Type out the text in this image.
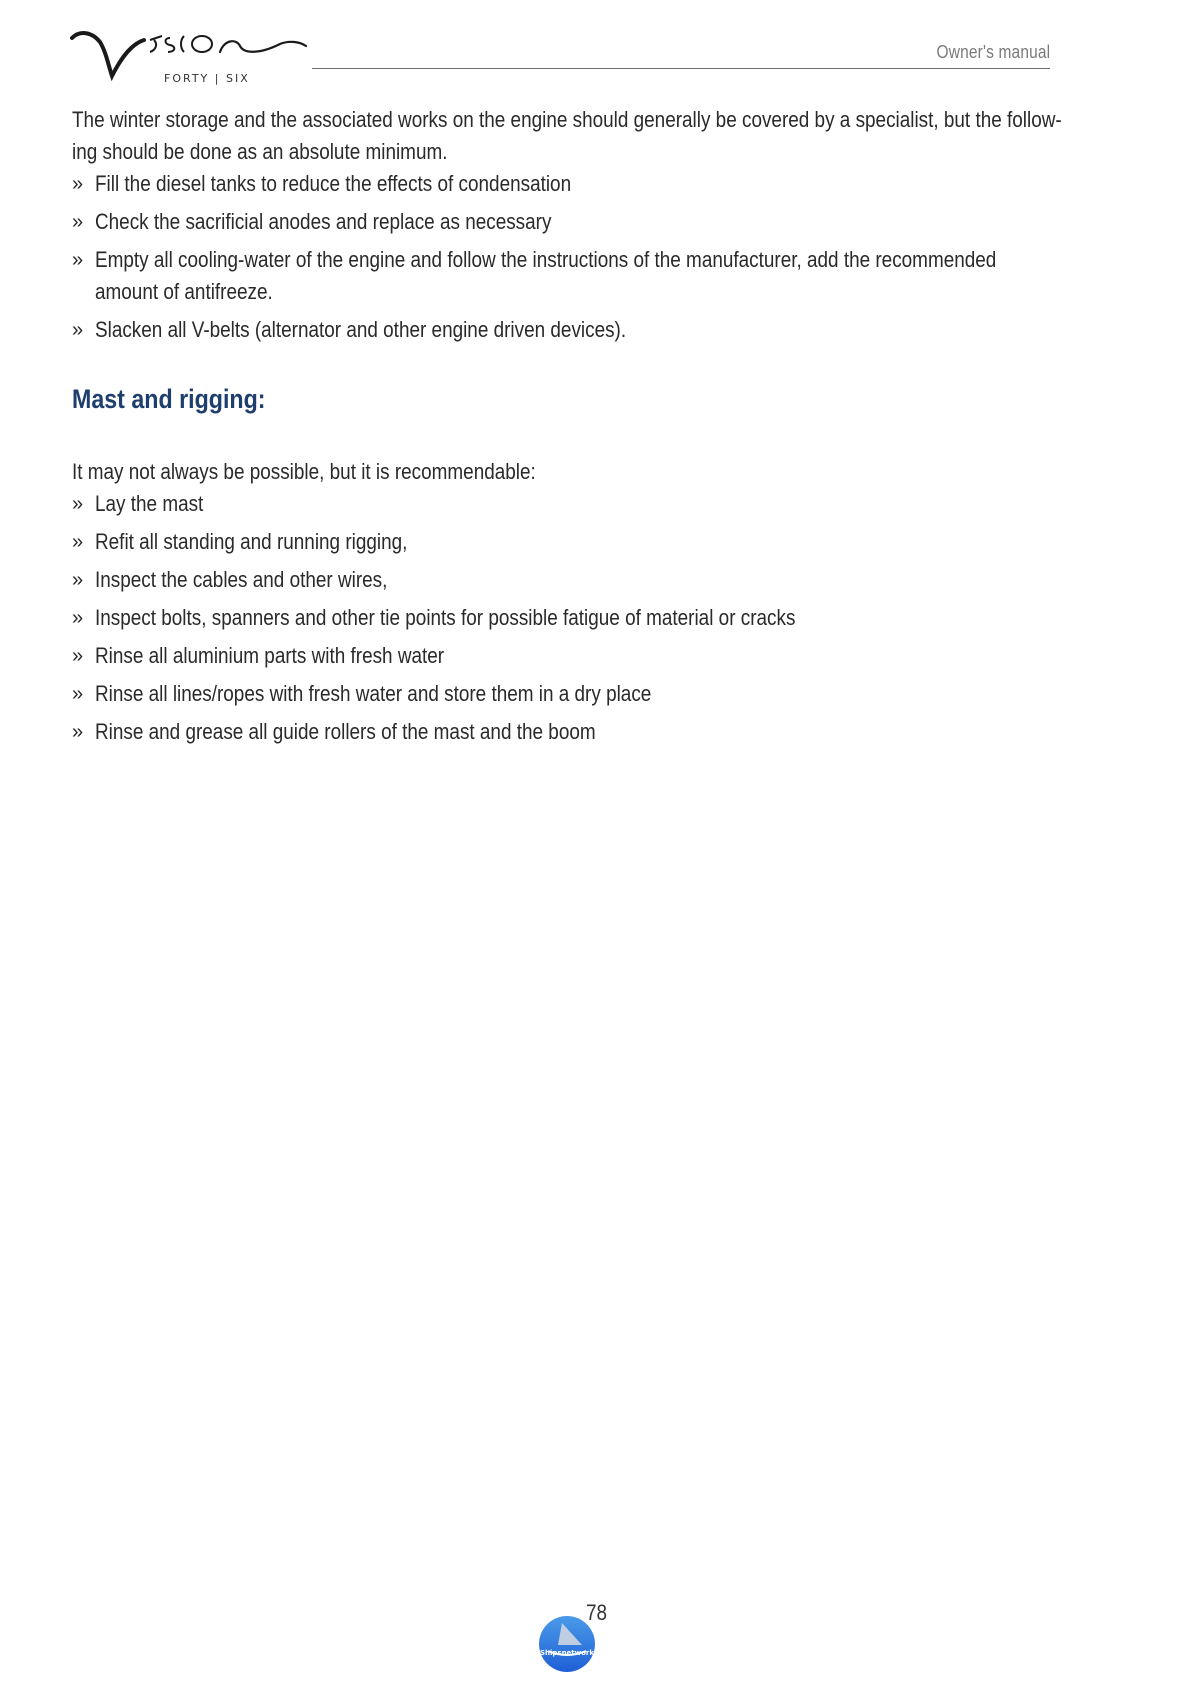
FORTY | SIX
Owner's manual

The winter storage and the associated works on the engine should generally be covered by a specialist, but the follow-
ing should be done as an absolute minimum.

» Fill the diesel tanks to reduce the effects of condensation
» Check the sacrificial anodes and replace as necessary
» Empty all cooling-water of the engine and follow the instructions of the manufacturer, add the recommended
amount of antifreeze.
» Slacken all V-belts (alternator and other engine driven devices).
Mast and rigging:

It may not always be possible, but it is recommendable:

» Lay the mast
» Refit all standing and running rigging,
» Inspect the cables and other wires,
» Inspect bolts, spanners and other tie points for possible fatigue of material or cracks
» Rinse all aluminium parts with fresh water
» Rinse all lines/ropes with fresh water and store them in a dry place
» Rinse and grease all guide rollers of the mast and the boom
78
Shipsnetwork
